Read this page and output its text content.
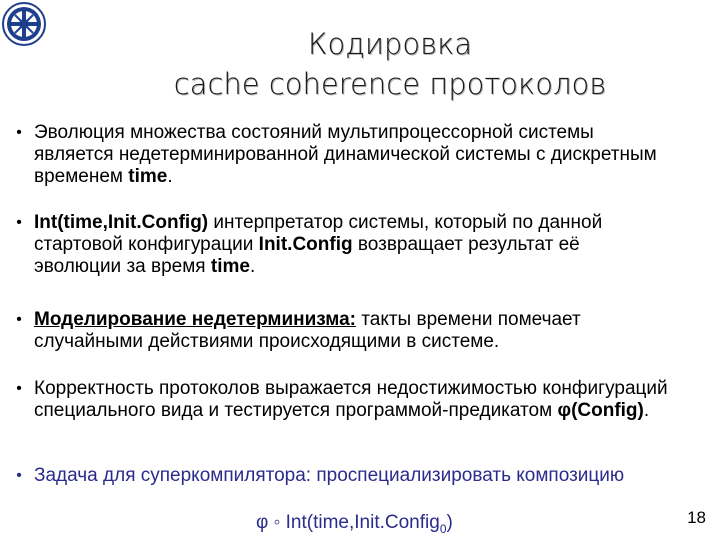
Кодировка
cache coherence протоколов
• Эволюция множества состояний мультипроцессорной системы является недетерминированной динамической системы с дискретным временем time.
• Int(time,Init.Config) интерпретатор системы, который по данной стартовой конфигурации Init.Config возвращает результат её эволюции за время time.
• Моделирование недетерминизма: такты времени помечает случайными действиями происходящими в системе.
• Корректность протоколов выражается недостижимостью конфигураций специального вида и тестируется программой-предикатом φ(Config).
• Задача для суперкомпилятора: проспециализировать композицию
φ ◦ Int(time,Init.Config$_0$)	18
